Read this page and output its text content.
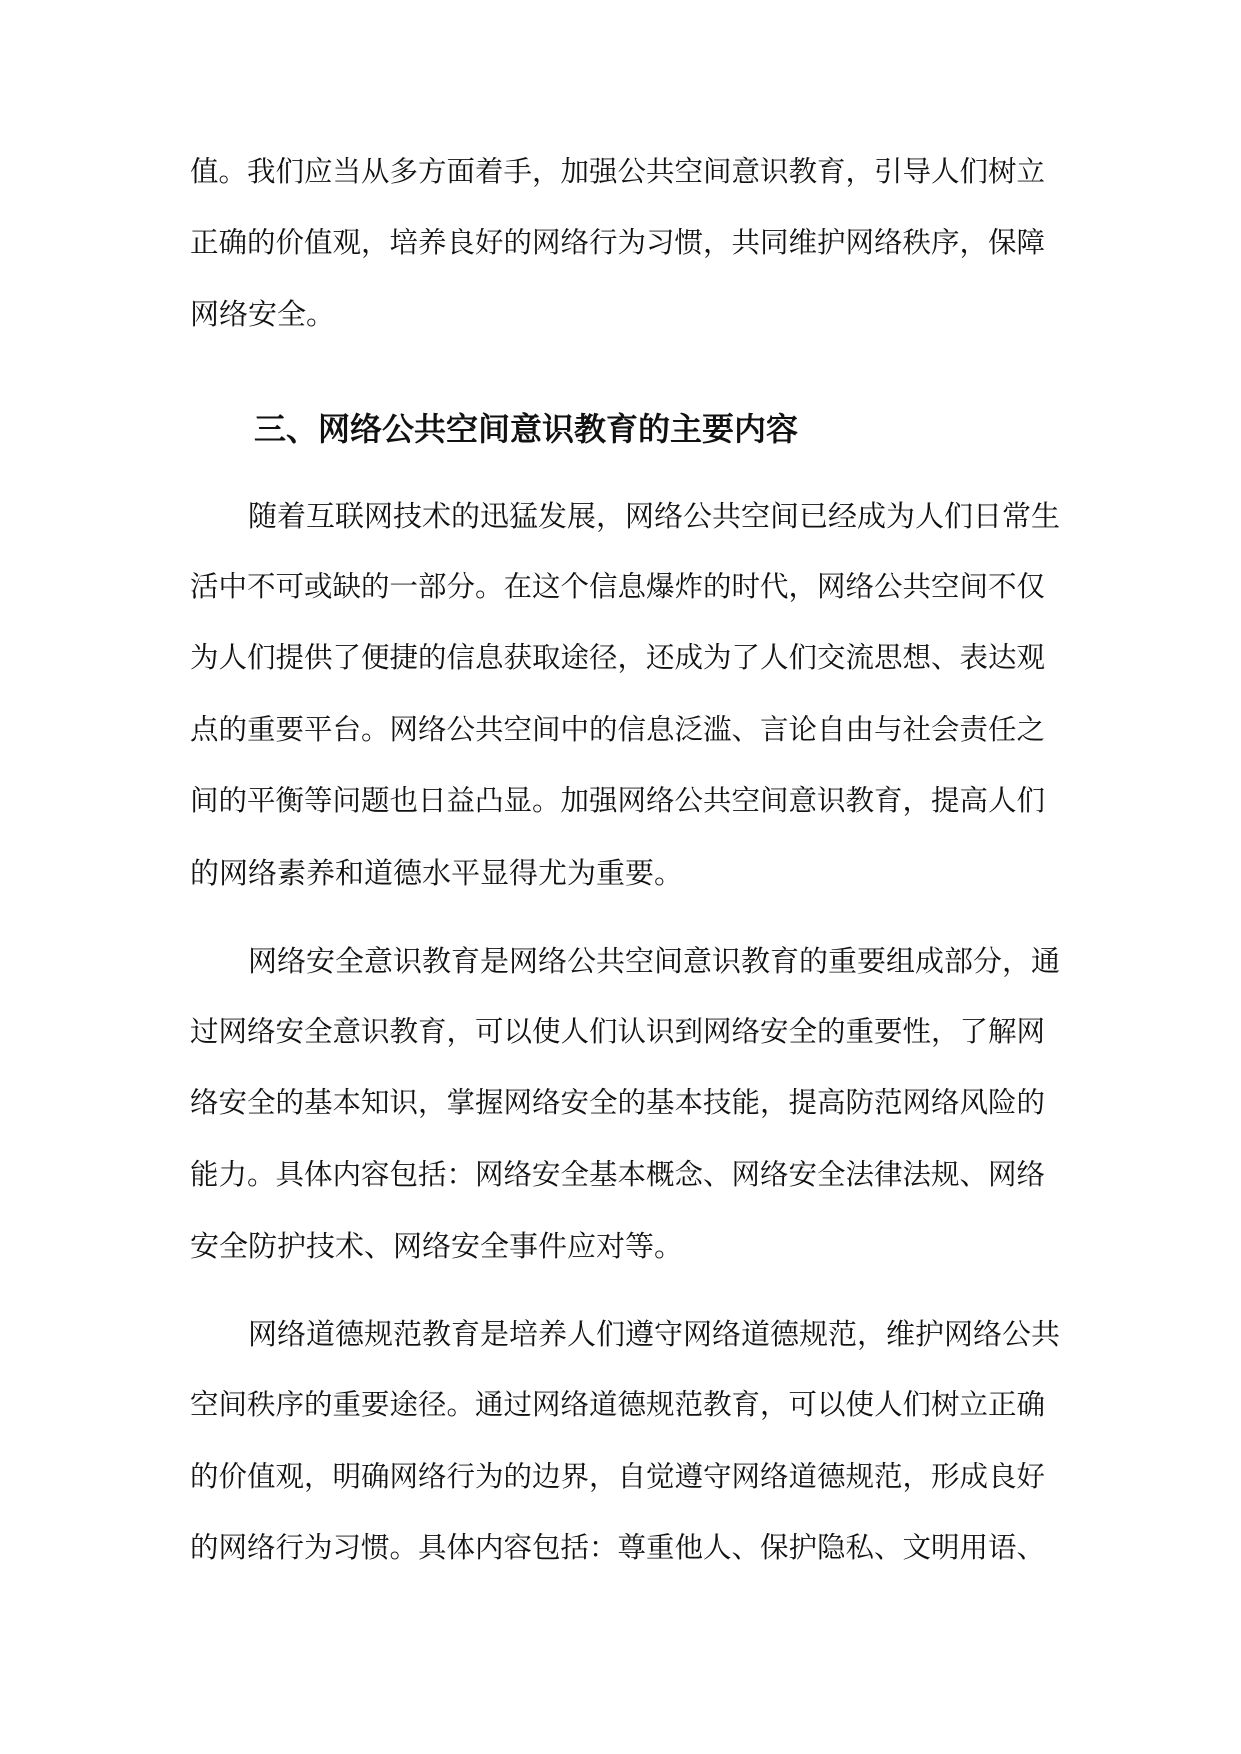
值。我们应当从多方面着手，加强公共空间意识教育，引导人们树立
正确的价值观，培养良好的网络行为习惯，共同维护网络秩序，保障
网络安全。
三、网络公共空间意识教育的主要内容
随着互联网技术的迅猛发展，网络公共空间已经成为人们日常生
活中不可或缺的一部分。在这个信息爆炸的时代，网络公共空间不仅
为人们提供了便捷的信息获取途径，还成为了人们交流思想、表达观
点的重要平台。网络公共空间中的信息泛滥、言论自由与社会责任之
间的平衡等问题也日益凸显。加强网络公共空间意识教育，提高人们
的网络素养和道德水平显得尤为重要。
网络安全意识教育是网络公共空间意识教育的重要组成部分，通
过网络安全意识教育，可以使人们认识到网络安全的重要性，了解网
络安全的基本知识，掌握网络安全的基本技能，提高防范网络风险的
能力。具体内容包括：网络安全基本概念、网络安全法律法规、网络
安全防护技术、网络安全事件应对等。
网络道德规范教育是培养人们遵守网络道德规范，维护网络公共
空间秩序的重要途径。通过网络道德规范教育，可以使人们树立正确
的价值观，明确网络行为的边界，自觉遵守网络道德规范，形成良好
的网络行为习惯。具体内容包括：尊重他人、保护隐私、文明用语、
